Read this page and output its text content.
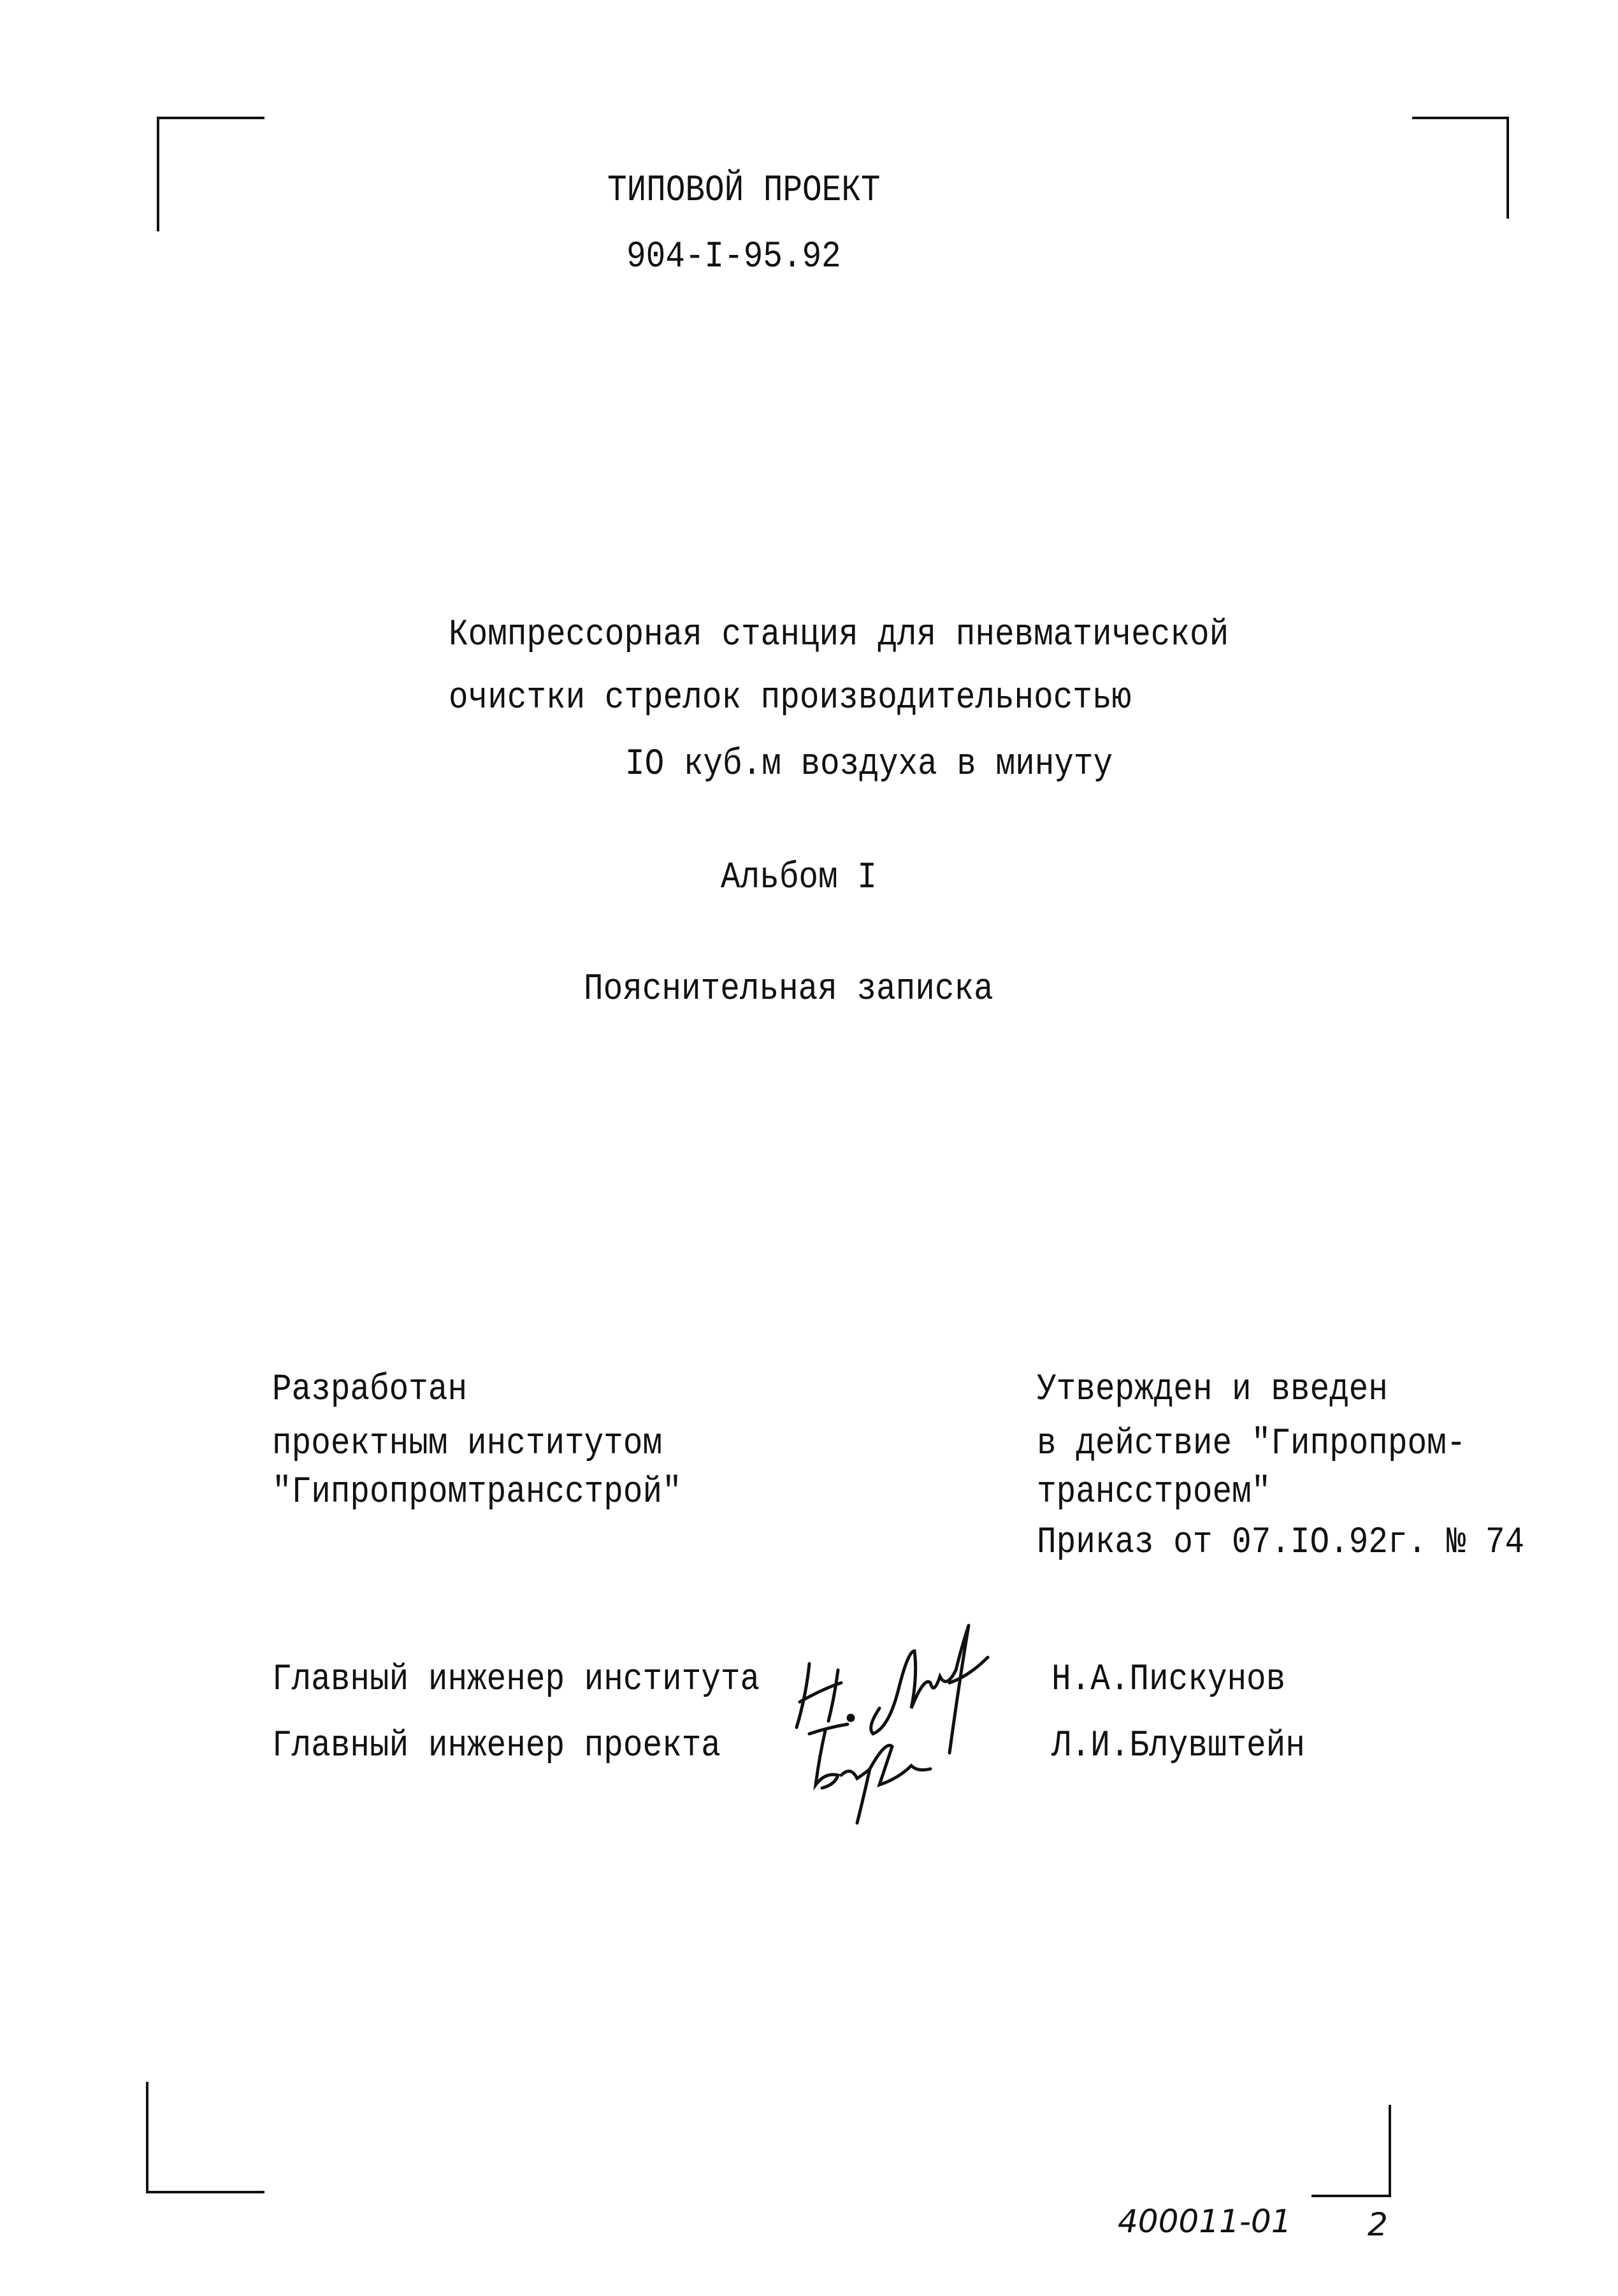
ТИПОВОЙ ПРОЕКТ
904-I-95.92
Компрессорная станция для пневматической
очистки стрелок производительностью
IO куб.м воздуха в минуту
Альбом I
Пояснительная записка
Разработан
проектным институтом
"Гипропромтрансстрой"
Утвержден и введен
в действие "Гипропром-
трансстроем"
Приказ от 07.IO.92г. № 74
Главный инженер института	Н.А.Пискунов
Главный инженер проекта	Л.И.Блувштейн
400011-01 2
